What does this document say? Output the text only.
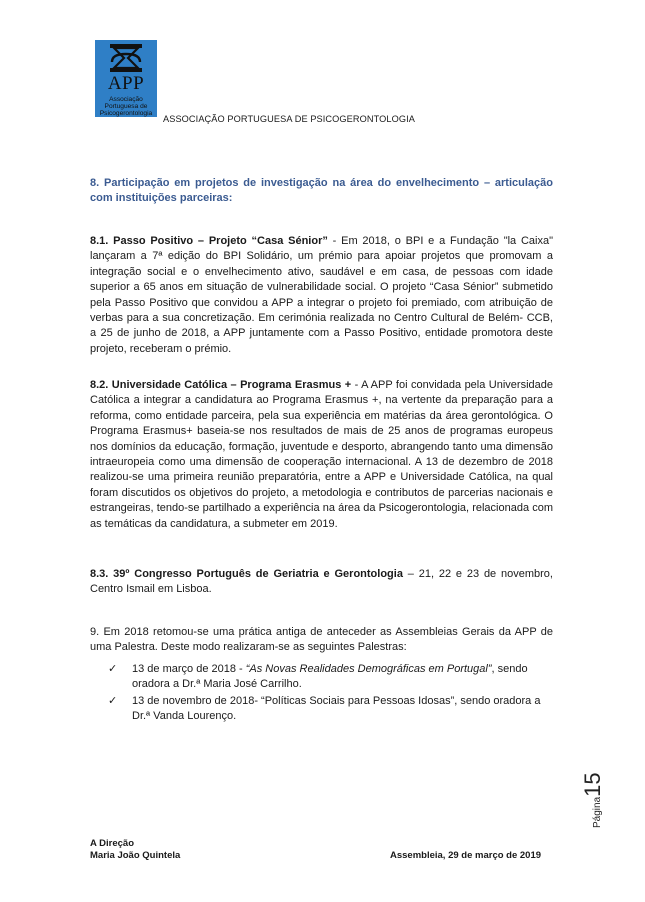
APP
Associação
Portuguesa de
Psicogerontologia
ASSOCIAÇÃO PORTUGUESA DE PSICOGERONTOLOGIA

8. Participação em projetos de investigação na área do envelhecimento – articulação com instituições parceiras:

8.1. Passo Positivo – Projeto “Casa Sénior” - Em 2018, o BPI e a Fundação "la Caixa" lançaram a 7ª edição do BPI Solidário, um prémio para apoiar projetos que promovam a integração social e o envelhecimento ativo, saudável e em casa, de pessoas com idade superior a 65 anos em situação de vulnerabilidade social. O projeto “Casa Sénior” submetido pela Passo Positivo que convidou a APP a integrar o projeto foi premiado, com atribuição de verbas para a sua concretização. Em cerimónia realizada no Centro Cultural de Belém- CCB, a 25 de junho de 2018, a APP juntamente com a Passo Positivo, entidade promotora deste projeto, receberam o prémio.

8.2. Universidade Católica – Programa Erasmus + - A APP foi convidada pela Universidade Católica a integrar a candidatura ao Programa Erasmus +, na vertente da preparação para a reforma, como entidade parceira, pela sua experiência em matérias da área gerontológica. O Programa Erasmus+ baseia-se nos resultados de mais de 25 anos de programas europeus nos domínios da educação, formação, juventude e desporto, abrangendo tanto uma dimensão intraeuropeia como uma dimensão de cooperação internacional. A 13 de dezembro de 2018 realizou-se uma primeira reunião preparatória, entre a APP e Universidade Católica, na qual foram discutidos os objetivos do projeto, a metodologia e contributos de parcerias nacionais e estrangeiras, tendo-se partilhado a experiência na área da Psicogerontologia, relacionada com as temáticas da candidatura, a submeter em 2019.

8.3. 39º Congresso Português de Geriatria e Gerontologia – 21, 22 e 23 de novembro, Centro Ismail em Lisboa.

9. Em 2018 retomou-se uma prática antiga de anteceder as Assembleias Gerais da APP de uma Palestra. Deste modo realizaram-se as seguintes Palestras:

✓ 13 de março de 2018 - “As Novas Realidades Demográficas em Portugal”, sendo oradora a Dr.ª Maria José Carrilho.
✓ 13 de novembro de 2018- “Políticas Sociais para Pessoas Idosas”, sendo oradora a Dr.ª Vanda Lourenço.
Página15
A Direção
Maria João Quintela	Assembleia, 29 de março de 2019
